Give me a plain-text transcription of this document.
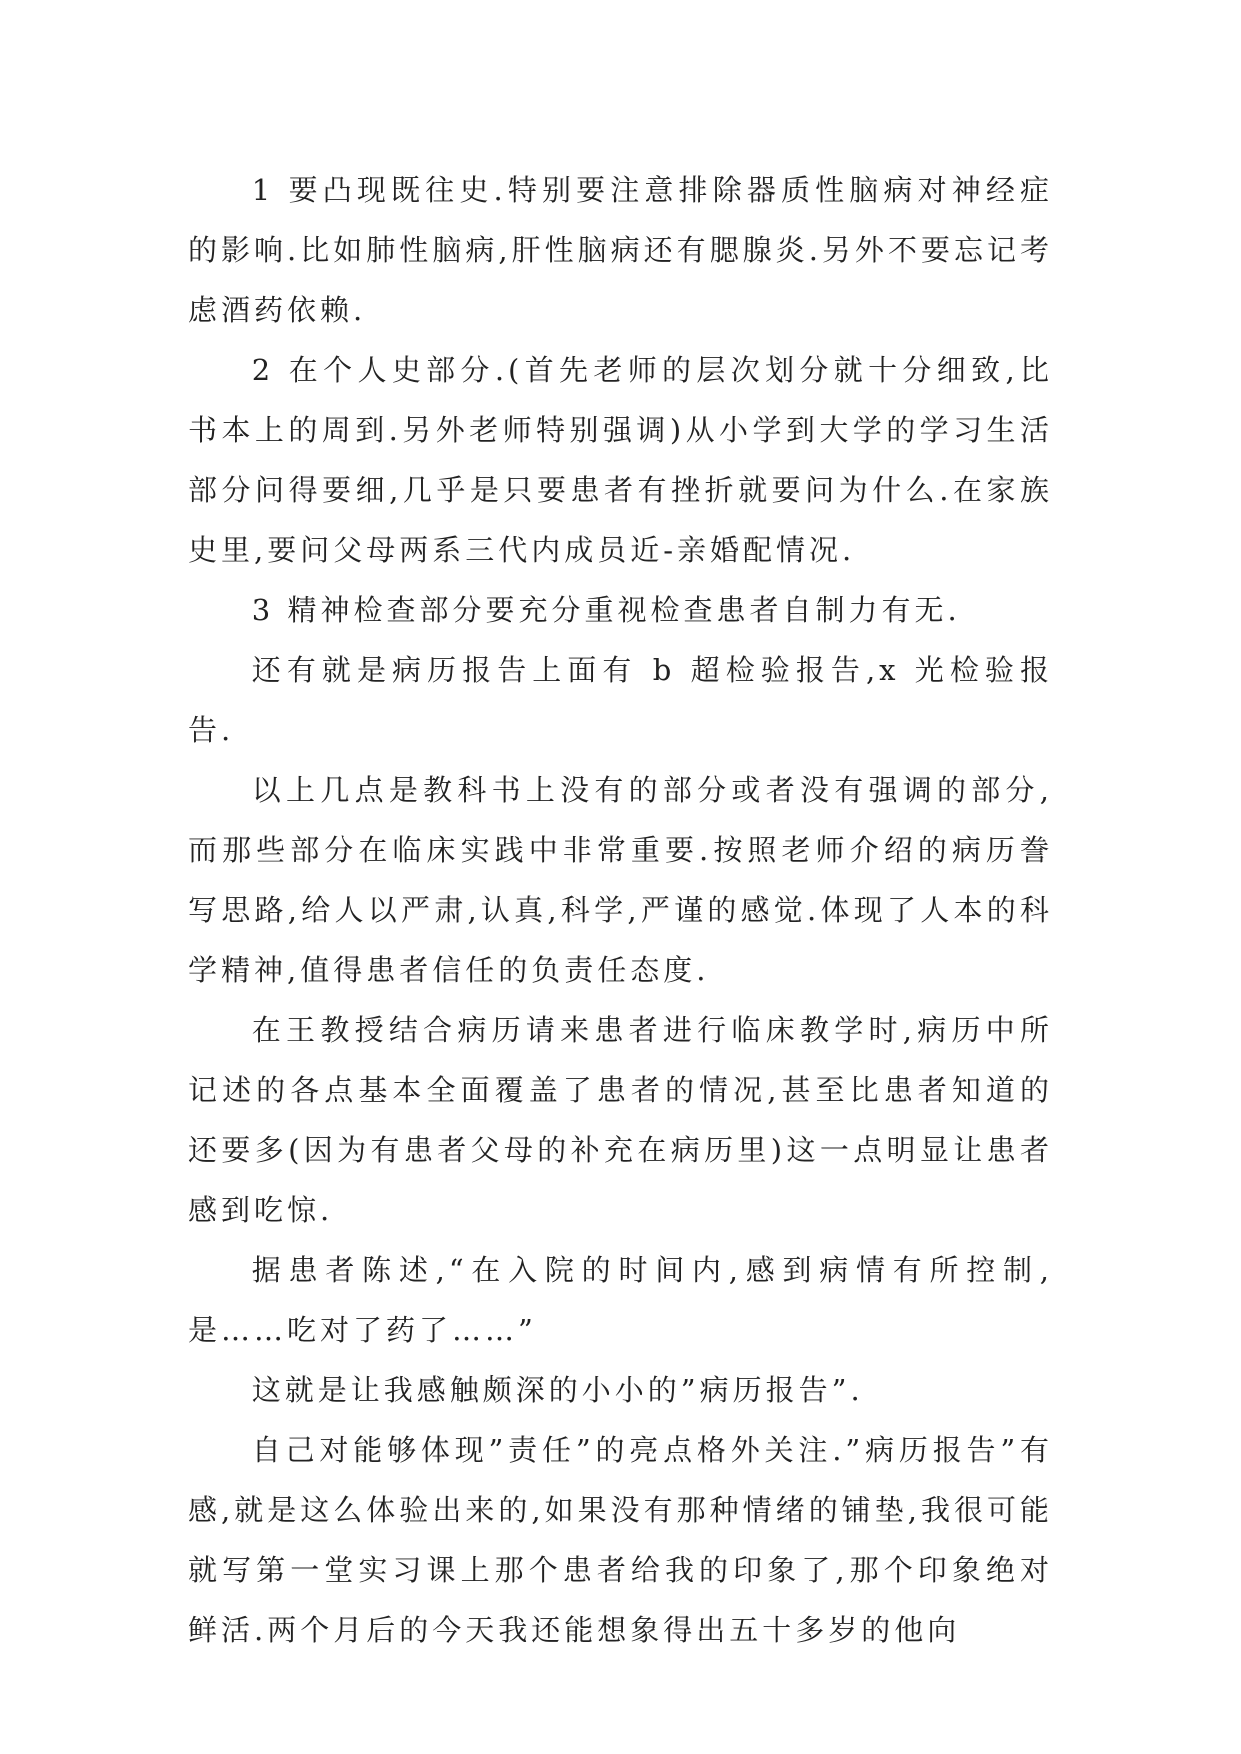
1 要凸现既往史.特别要注意排除器质性脑病对神经症的影响.比如肺性脑病,肝性脑病还有腮腺炎.另外不要忘记考虑酒药依赖.

2 在个人史部分.(首先老师的层次划分就十分细致,比书本上的周到.另外老师特别强调)从小学到大学的学习生活部分问得要细,几乎是只要患者有挫折就要问为什么.在家族史里,要问父母两系三代内成员近-亲婚配情况.

3 精神检查部分要充分重视检查患者自制力有无.

还有就是病历报告上面有 b 超检验报告,x 光检验报告.

以上几点是教科书上没有的部分或者没有强调的部分,而那些部分在临床实践中非常重要.按照老师介绍的病历誊写思路,给人以严肃,认真,科学,严谨的感觉.体现了人本的科学精神,值得患者信任的负责任态度.

在王教授结合病历请来患者进行临床教学时,病历中所记述的各点基本全面覆盖了患者的情况,甚至比患者知道的还要多(因为有患者父母的补充在病历里)这一点明显让患者感到吃惊.

据患者陈述,“在入院的时间内,感到病情有所控制,是……吃对了药了……”

这就是让我感触颇深的小小的”病历报告”.

自己对能够体现”责任”的亮点格外关注.”病历报告”有感,就是这么体验出来的,如果没有那种情绪的铺垫,我很可能就写第一堂实习课上那个患者给我的印象了,那个印象绝对鲜活.两个月后的今天我还能想象得出五十多岁的他向
